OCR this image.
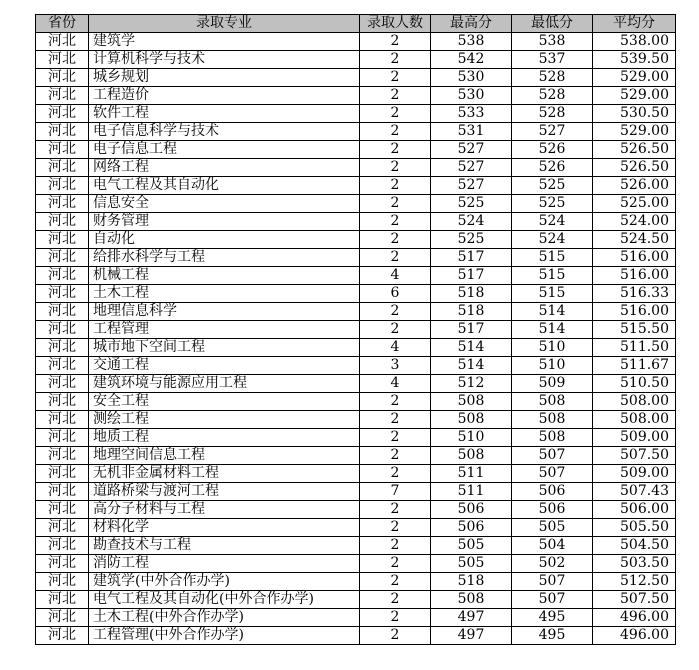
省份	录取专业	录取人数	最高分	最低分	平均分
河北	建筑学	2	538	538	538.00
河北	计算机科学与技术	2	542	537	539.50
河北	城乡规划	2	530	528	529.00
河北	工程造价	2	530	528	529.00
河北	软件工程	2	533	528	530.50
河北	电子信息科学与技术	2	531	527	529.00
河北	电子信息工程	2	527	526	526.50
河北	网络工程	2	527	526	526.50
河北	电气工程及其自动化	2	527	525	526.00
河北	信息安全	2	525	525	525.00
河北	财务管理	2	524	524	524.00
河北	自动化	2	525	524	524.50
河北	给排水科学与工程	2	517	515	516.00
河北	机械工程	4	517	515	516.00
河北	土木工程	6	518	515	516.33
河北	地理信息科学	2	518	514	516.00
河北	工程管理	2	517	514	515.50
河北	城市地下空间工程	4	514	510	511.50
河北	交通工程	3	514	510	511.67
河北	建筑环境与能源应用工程	4	512	509	510.50
河北	安全工程	2	508	508	508.00
河北	测绘工程	2	508	508	508.00
河北	地质工程	2	510	508	509.00
河北	地理空间信息工程	2	508	507	507.50
河北	无机非金属材料工程	2	511	507	509.00
河北	道路桥梁与渡河工程	7	511	506	507.43
河北	高分子材料与工程	2	506	506	506.00
河北	材料化学	2	506	505	505.50
河北	勘查技术与工程	2	505	504	504.50
河北	消防工程	2	505	502	503.50
河北	建筑学(中外合作办学)	2	518	507	512.50
河北	电气工程及其自动化(中外合作办学)	2	508	507	507.50
河北	土木工程(中外合作办学)	2	497	495	496.00
河北	工程管理(中外合作办学)	2	497	495	496.00
